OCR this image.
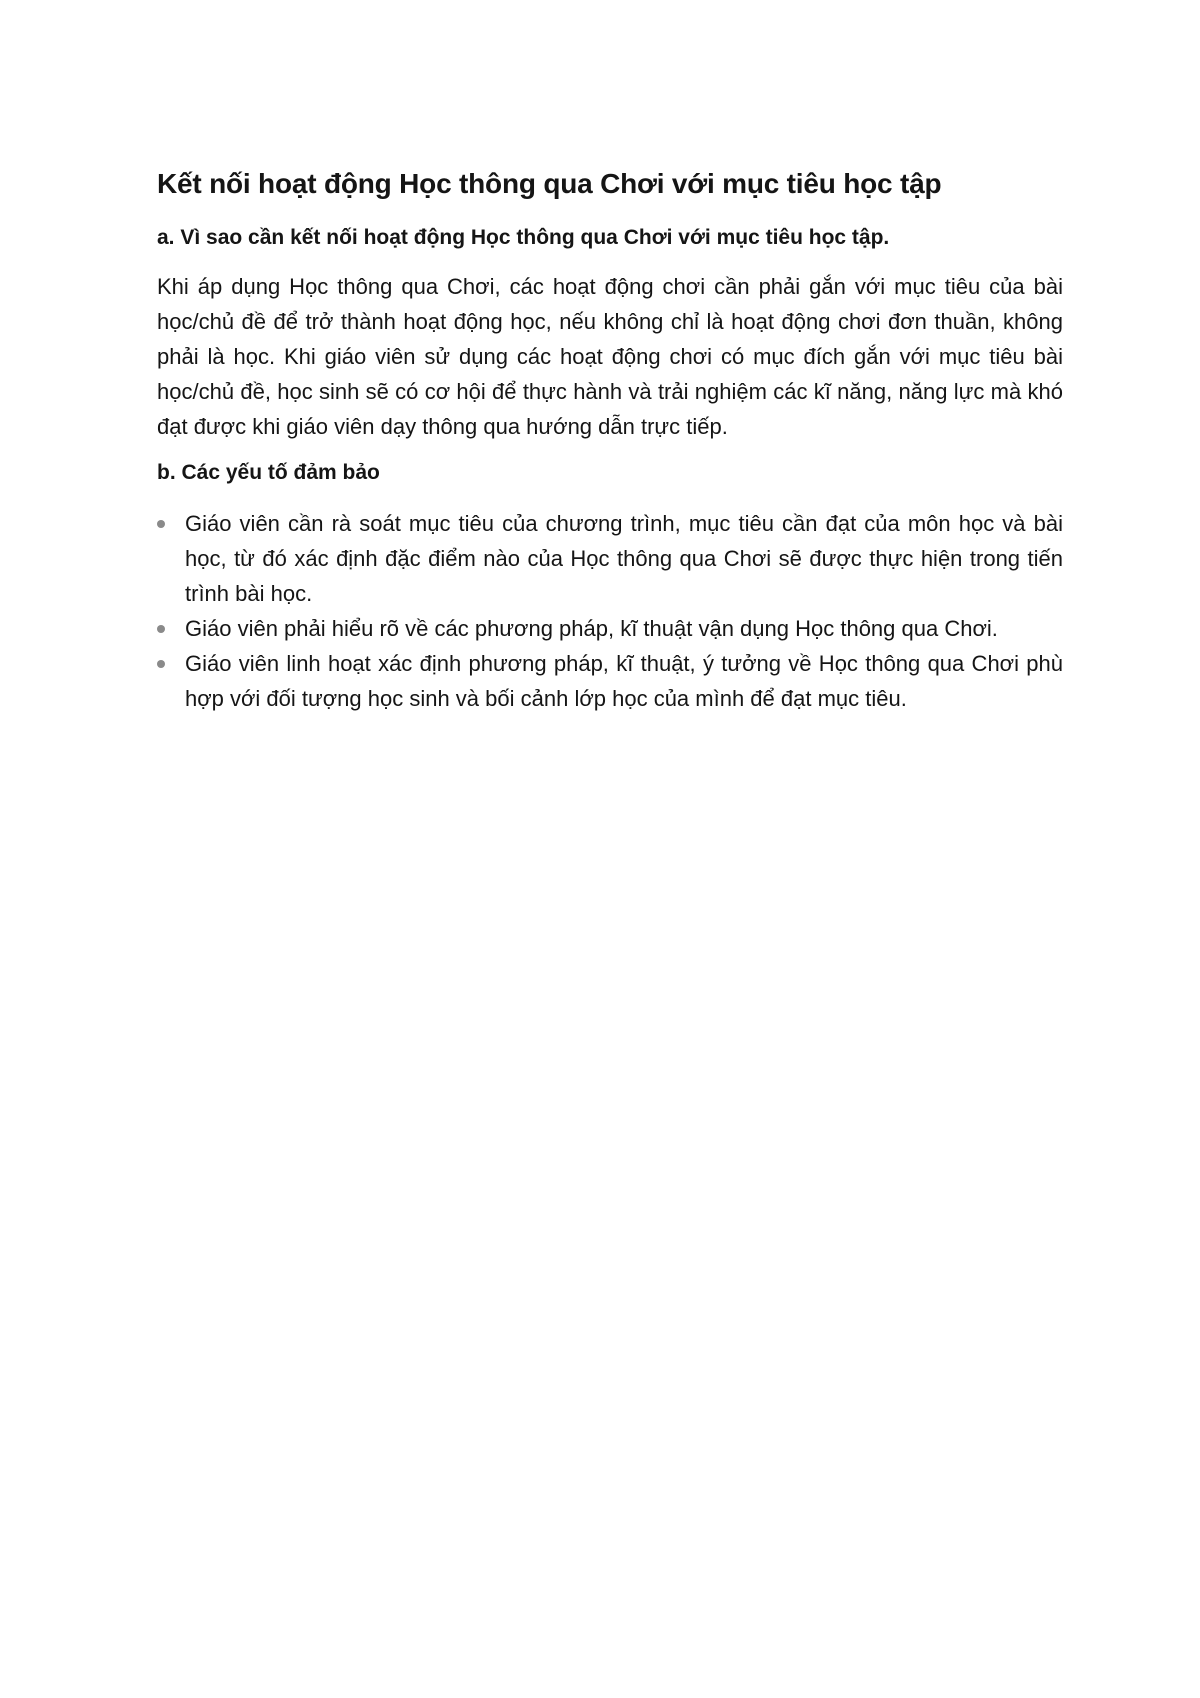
Kết nối hoạt động Học thông qua Chơi với mục tiêu học tập
a. Vì sao cần kết nối hoạt động Học thông qua Chơi với mục tiêu học tập.

Khi áp dụng Học thông qua Chơi, các hoạt động chơi cần phải gắn với mục tiêu của bài học/chủ đề để trở thành hoạt động học, nếu không chỉ là hoạt động chơi đơn thuần, không phải là học. Khi giáo viên sử dụng các hoạt động chơi có mục đích gắn với mục tiêu bài học/chủ đề, học sinh sẽ có cơ hội để thực hành và trải nghiệm các kĩ năng, năng lực mà khó đạt được khi giáo viên dạy thông qua hướng dẫn trực tiếp.

b. Các yếu tố đảm bảo
Giáo viên cần rà soát mục tiêu của chương trình, mục tiêu cần đạt của môn học và bài học, từ đó xác định đặc điểm nào của Học thông qua Chơi sẽ được thực hiện trong tiến trình bài học.
Giáo viên phải hiểu rõ về các phương pháp, kĩ thuật vận dụng Học thông qua Chơi.
Giáo viên linh hoạt xác định phương pháp, kĩ thuật, ý tưởng về Học thông qua Chơi phù hợp với đối tượng học sinh và bối cảnh lớp học của mình để đạt mục tiêu.
